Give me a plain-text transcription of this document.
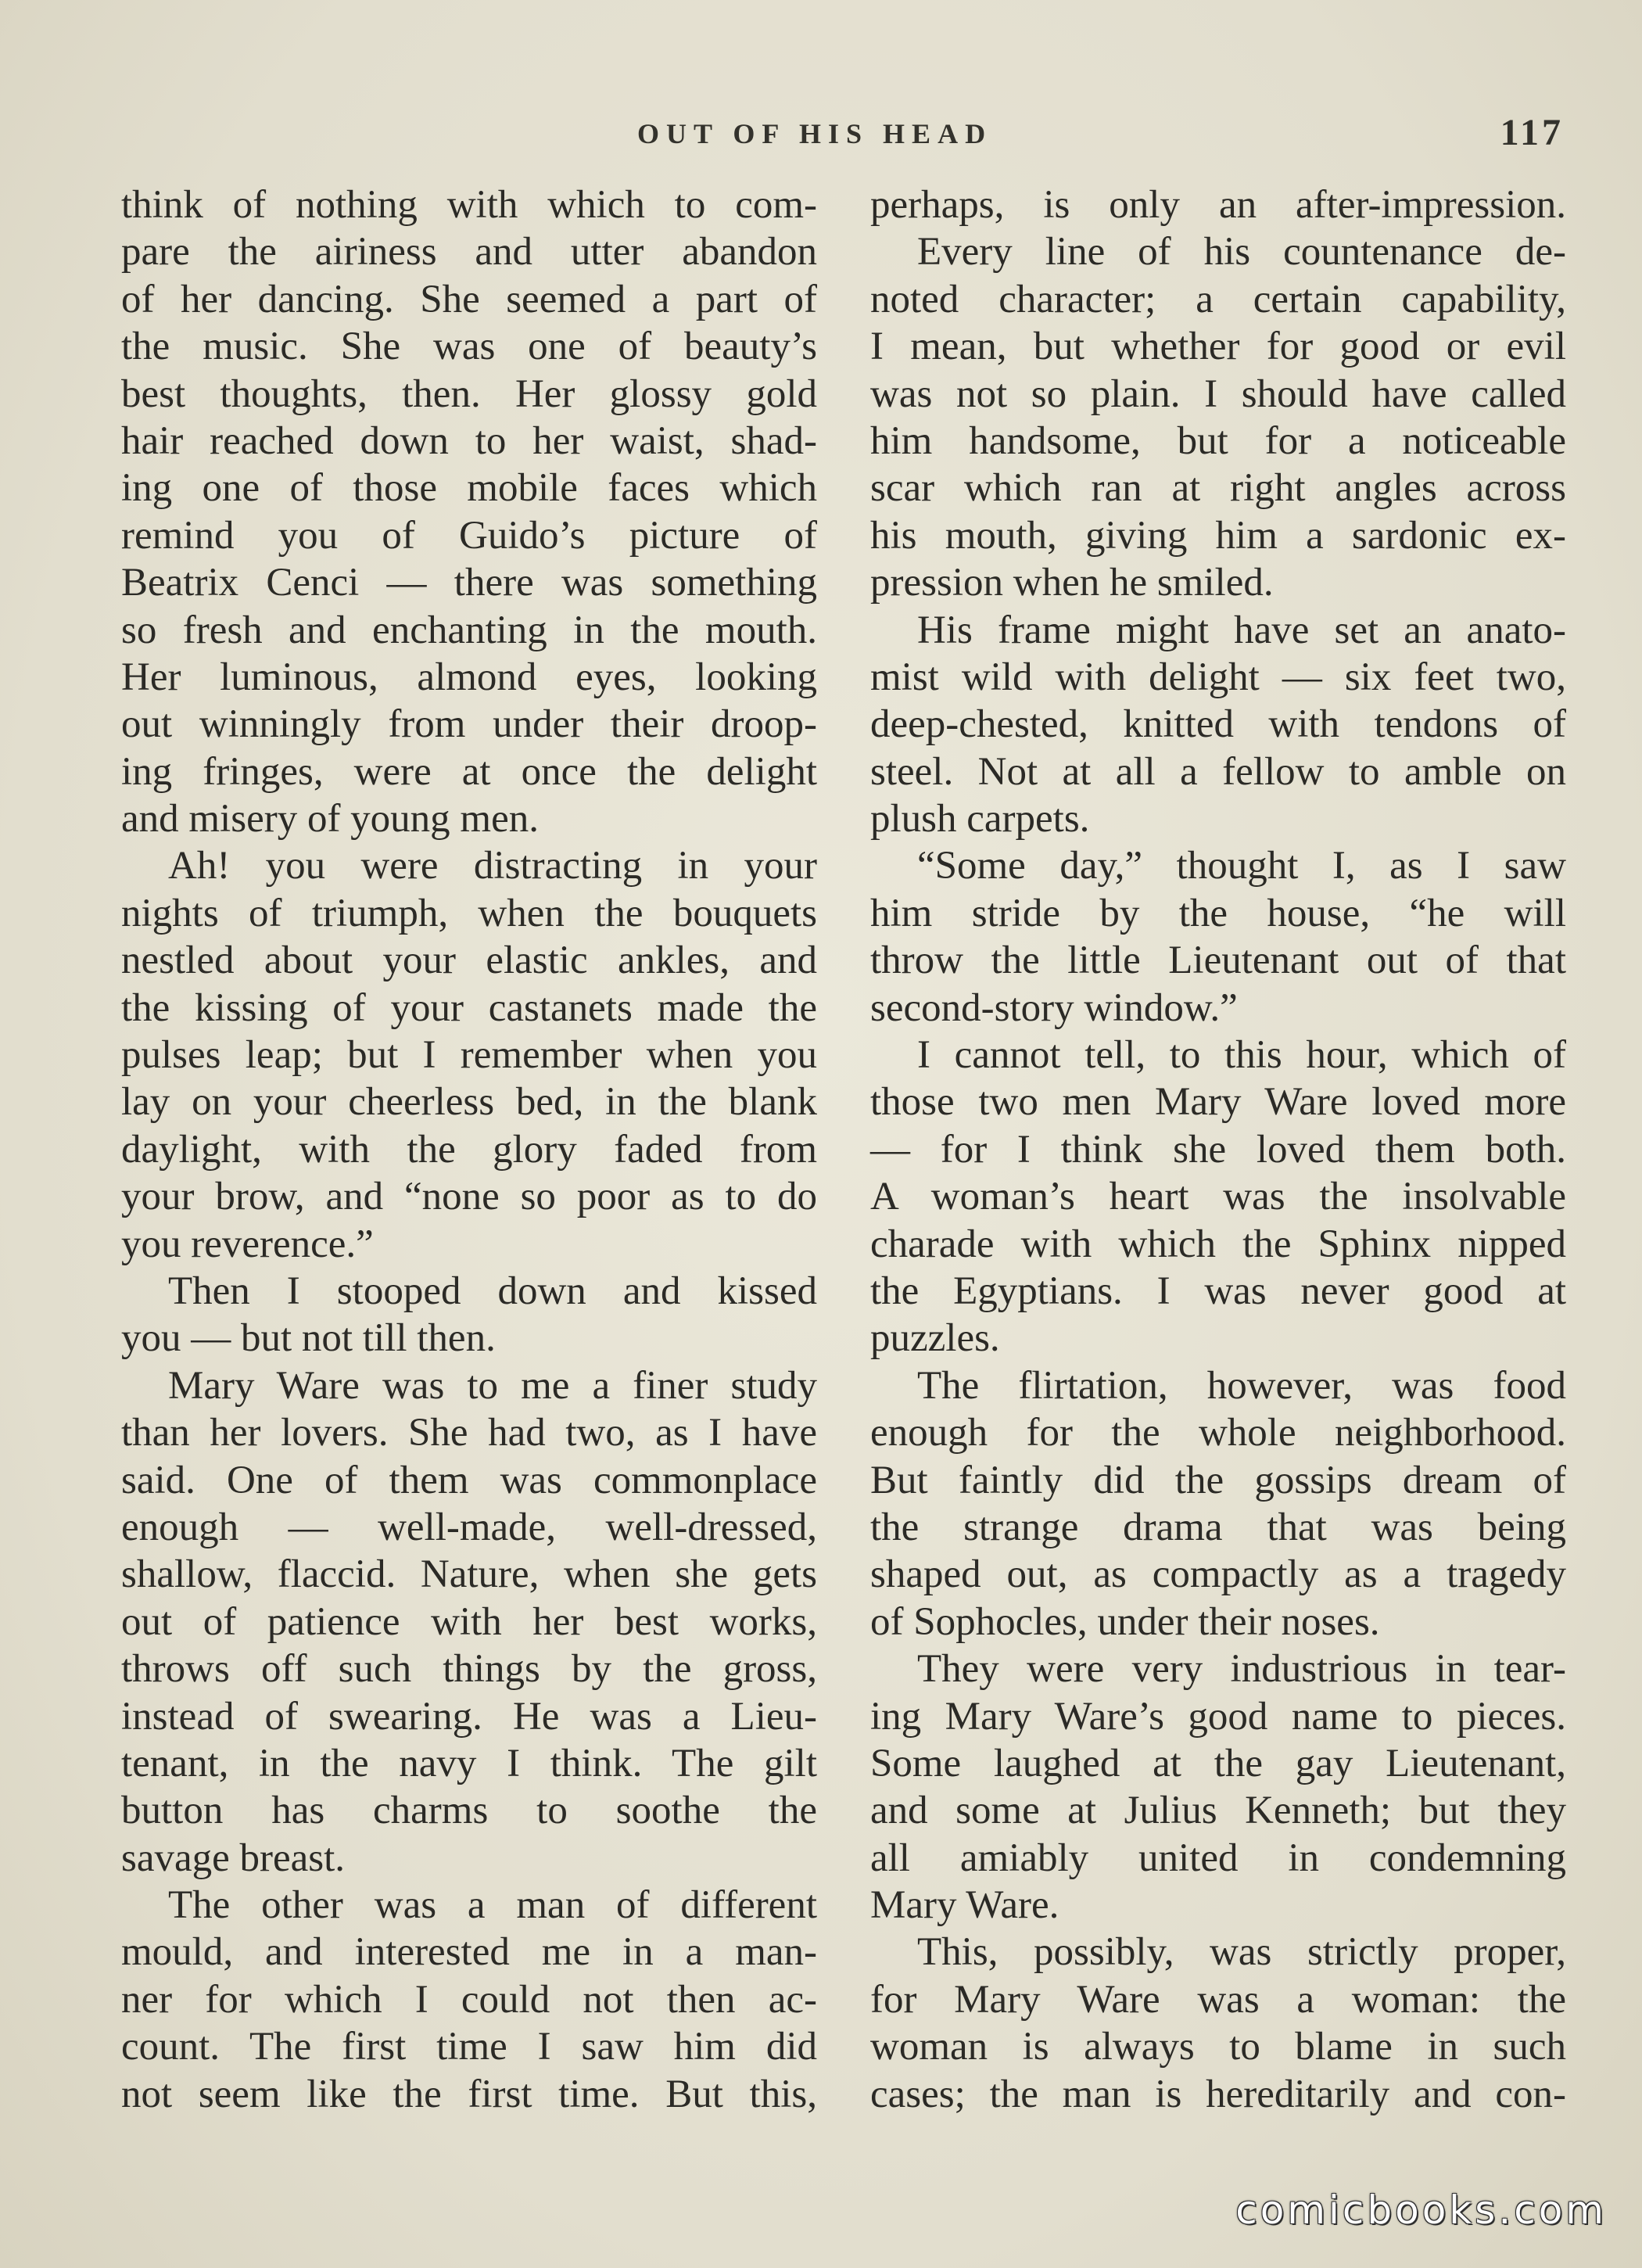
OUT OF HIS HEAD	117
think of nothing with which to com-
pare the airiness and utter abandon
of her dancing. She seemed a part of
the music. She was one of beauty’s
best thoughts, then. Her glossy gold
hair reached down to her waist, shad-
ing one of those mobile faces which
remind you of Guido’s picture of
Beatrix Cenci — there was something
so fresh and enchanting in the mouth.
Her luminous, almond eyes, looking
out winningly from under their droop-
ing fringes, were at once the delight
and misery of young men.
Ah! you were distracting in your
nights of triumph, when the bouquets
nestled about your elastic ankles, and
the kissing of your castanets made the
pulses leap; but I remember when you
lay on your cheerless bed, in the blank
daylight, with the glory faded from
your brow, and “none so poor as to do
you reverence.”
Then I stooped down and kissed
you — but not till then.
Mary Ware was to me a finer study
than her lovers. She had two, as I have
said. One of them was commonplace
enough — well-made, well-dressed,
shallow, flaccid. Nature, when she gets
out of patience with her best works,
throws off such things by the gross,
instead of swearing. He was a Lieu-
tenant, in the navy I think. The gilt
button has charms to soothe the
savage breast.
The other was a man of different
mould, and interested me in a man-
ner for which I could not then ac-
count. The first time I saw him did
not seem like the first time. But this,
perhaps, is only an after-impression.
Every line of his countenance de-
noted character; a certain capability,
I mean, but whether for good or evil
was not so plain. I should have called
him handsome, but for a noticeable
scar which ran at right angles across
his mouth, giving him a sardonic ex-
pression when he smiled.
His frame might have set an anato-
mist wild with delight — six feet two,
deep-chested, knitted with tendons of
steel. Not at all a fellow to amble on
plush carpets.
“Some day,” thought I, as I saw
him stride by the house, “he will
throw the little Lieutenant out of that
second-story window.”
I cannot tell, to this hour, which of
those two men Mary Ware loved more
— for I think she loved them both.
A woman’s heart was the insolvable
charade with which the Sphinx nipped
the Egyptians. I was never good at
puzzles.
The flirtation, however, was food
enough for the whole neighborhood.
But faintly did the gossips dream of
the strange drama that was being
shaped out, as compactly as a tragedy
of Sophocles, under their noses.
They were very industrious in tear-
ing Mary Ware’s good name to pieces.
Some laughed at the gay Lieutenant,
and some at Julius Kenneth; but they
all amiably united in condemning
Mary Ware.
This, possibly, was strictly proper,
for Mary Ware was a woman: the
woman is always to blame in such
cases; the man is hereditarily and con-
comicbooks.com
